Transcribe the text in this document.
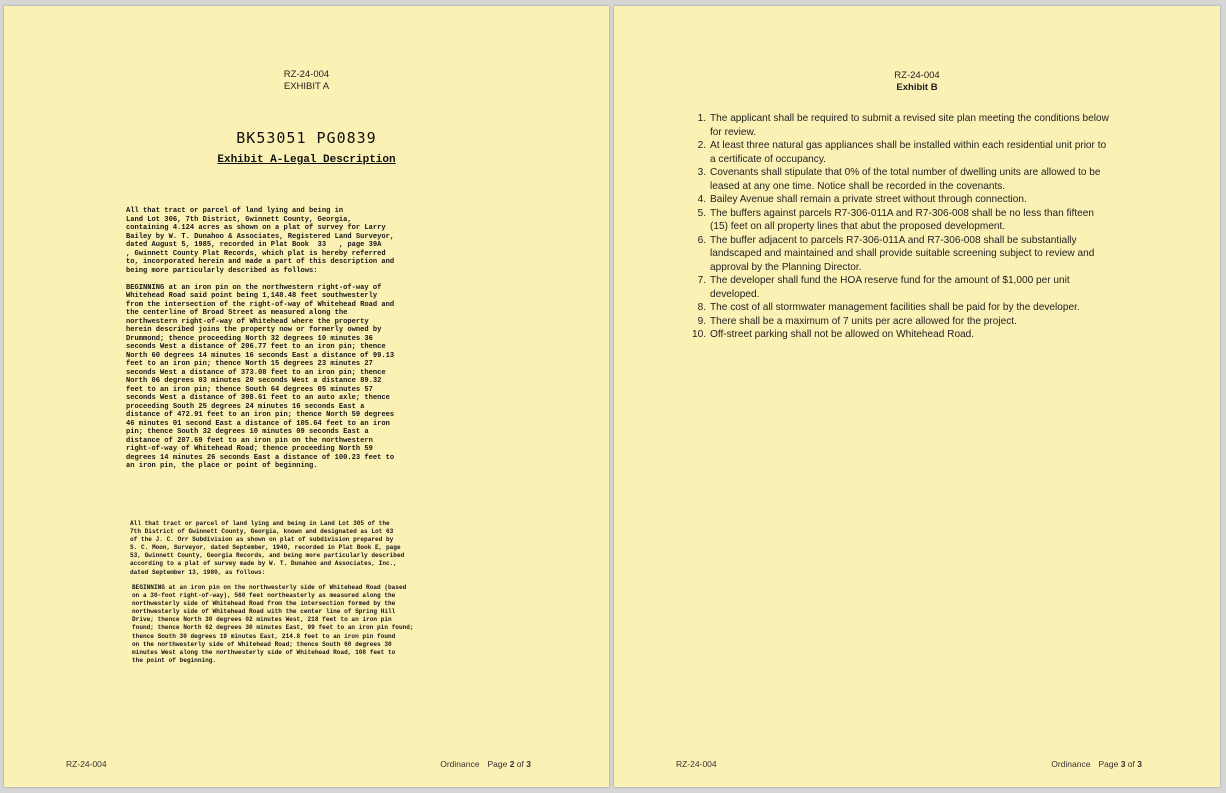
RZ-24-004
EXHIBIT A
BK53051 PG0839
Exhibit A-Legal Description
All that tract or parcel of land lying and being in
Land Lot 306, 7th District, Gwinnett County, Georgia,
containing 4.124 acres as shown on a plat of survey for Larry
Bailey by W. T. Dunahoo & Associates, Registered Land Surveyor,
dated August 5, 1985, recorded in Plat Book  33   , page 39A
, Gwinnett County Plat Records, which plat is hereby referred
to, incorporated herein and made a part of this description and
being more particularly described as follows:

BEGINNING at an iron pin on the northwestern right-of-way of
Whitehead Road said point being 1,148.48 feet southwesterly
from the intersection of the right-of-way of Whitehead Road and
the centerline of Broad Street as measured along the
northwestern right-of-way of Whitehead where the property
herein described joins the property now or formerly owned by
Drummond; thence proceeding North 32 degrees 10 minutes 36
seconds West a distance of 206.77 feet to an iron pin; thence
North 60 degrees 14 minutes 16 seconds East a distance of 99.13
feet to an iron pin; thence North 15 degrees 23 minutes 27
seconds West a distance of 373.08 feet to an iron pin; thence
North 06 degrees 03 minutes 20 seconds West a distance 89.32
feet to an iron pin; thence South 64 degrees 05 minutes 57
seconds West a distance of 398.61 feet to an auto axle; thence
proceeding South 25 degrees 24 minutes 16 seconds East a
distance of 472.91 feet to an iron pin; thence North 59 degrees
46 minutes 01 second East a distance of 105.64 feet to an iron
pin; thence South 32 degrees 10 minutes 09 seconds East a
distance of 207.69 feet to an iron pin on the northwestern
right-of-way of Whitehead Road; thence proceeding North 59
degrees 14 minutes 26 seconds East a distance of 100.23 feet to
an iron pin, the place or point of beginning.
All that tract or parcel of land lying and being in Land Lot 305 of the
7th District of Gwinnett County, Georgia, known and designated as Lot 63
of the J. C. Orr Subdivision as shown on plat of subdivision prepared by
S. C. Moon, Surveyor, dated September, 1940, recorded in Plat Book E, page
53, Gwinnett County, Georgia Records, and being more particularly described
according to a plat of survey made by W. T. Dunahoo and Associates, Inc.,
dated September 13, 1980, as follows:
BEGINNING at an iron pin on the northwesterly side of Whitehead Road (based
on a 30-foot right-of-way), 560 feet northeasterly as measured along the
northwesterly side of Whitehead Road from the intersection formed by the
northwesterly side of Whitehead Road with the center line of Spring Hill
Drive; thence North 30 degrees 02 minutes West, 218 feet to an iron pin
found; thence North 62 degrees 30 minutes East, 99 feet to an iron pin found;
thence South 30 degrees 19 minutes East, 214.8 feet to an iron pin found
on the northwesterly side of Whitehead Road; thence South 60 degrees 30
minutes West along the northwesterly side of Whitehead Road, 108 feet to
the point of beginning.
RZ-24-004	Ordinance Page 2 of 3
RZ-24-004
Exhibit B
1 . The applicant shall be required to submit a revised site plan meeting the conditions below for review.
2 . At least three natural gas appliances shall be installed within each residential unit prior to a certificate of occupancy.
3 . Covenants shall stipulate that 0% of the total number of dwelling units are allowed to be leased at any one time. Notice shall be recorded in the covenants.
4 . Bailey Avenue shall remain a private street without through connection.
5 . The buffers against parcels R7-306-011A and R7-306-008 shall be no less than fifteen (15) feet on all property lines that abut the proposed development.
6 . The buffer adjacent to parcels R7-306-011A and R7-306-008 shall be substantially landscaped and maintained and shall provide suitable screening subject to review and approval by the Planning Director.
7 . The developer shall fund the HOA reserve fund for the amount of $1,000 per unit developed.
8 . The cost of all stormwater management facilities shall be paid for by the developer.
9 . There shall be a maximum of 7 units per acre allowed for the project.
10 . Off-street parking shall not be allowed on Whitehead Road.
RZ-24-004	Ordinance Page 3 of 3
